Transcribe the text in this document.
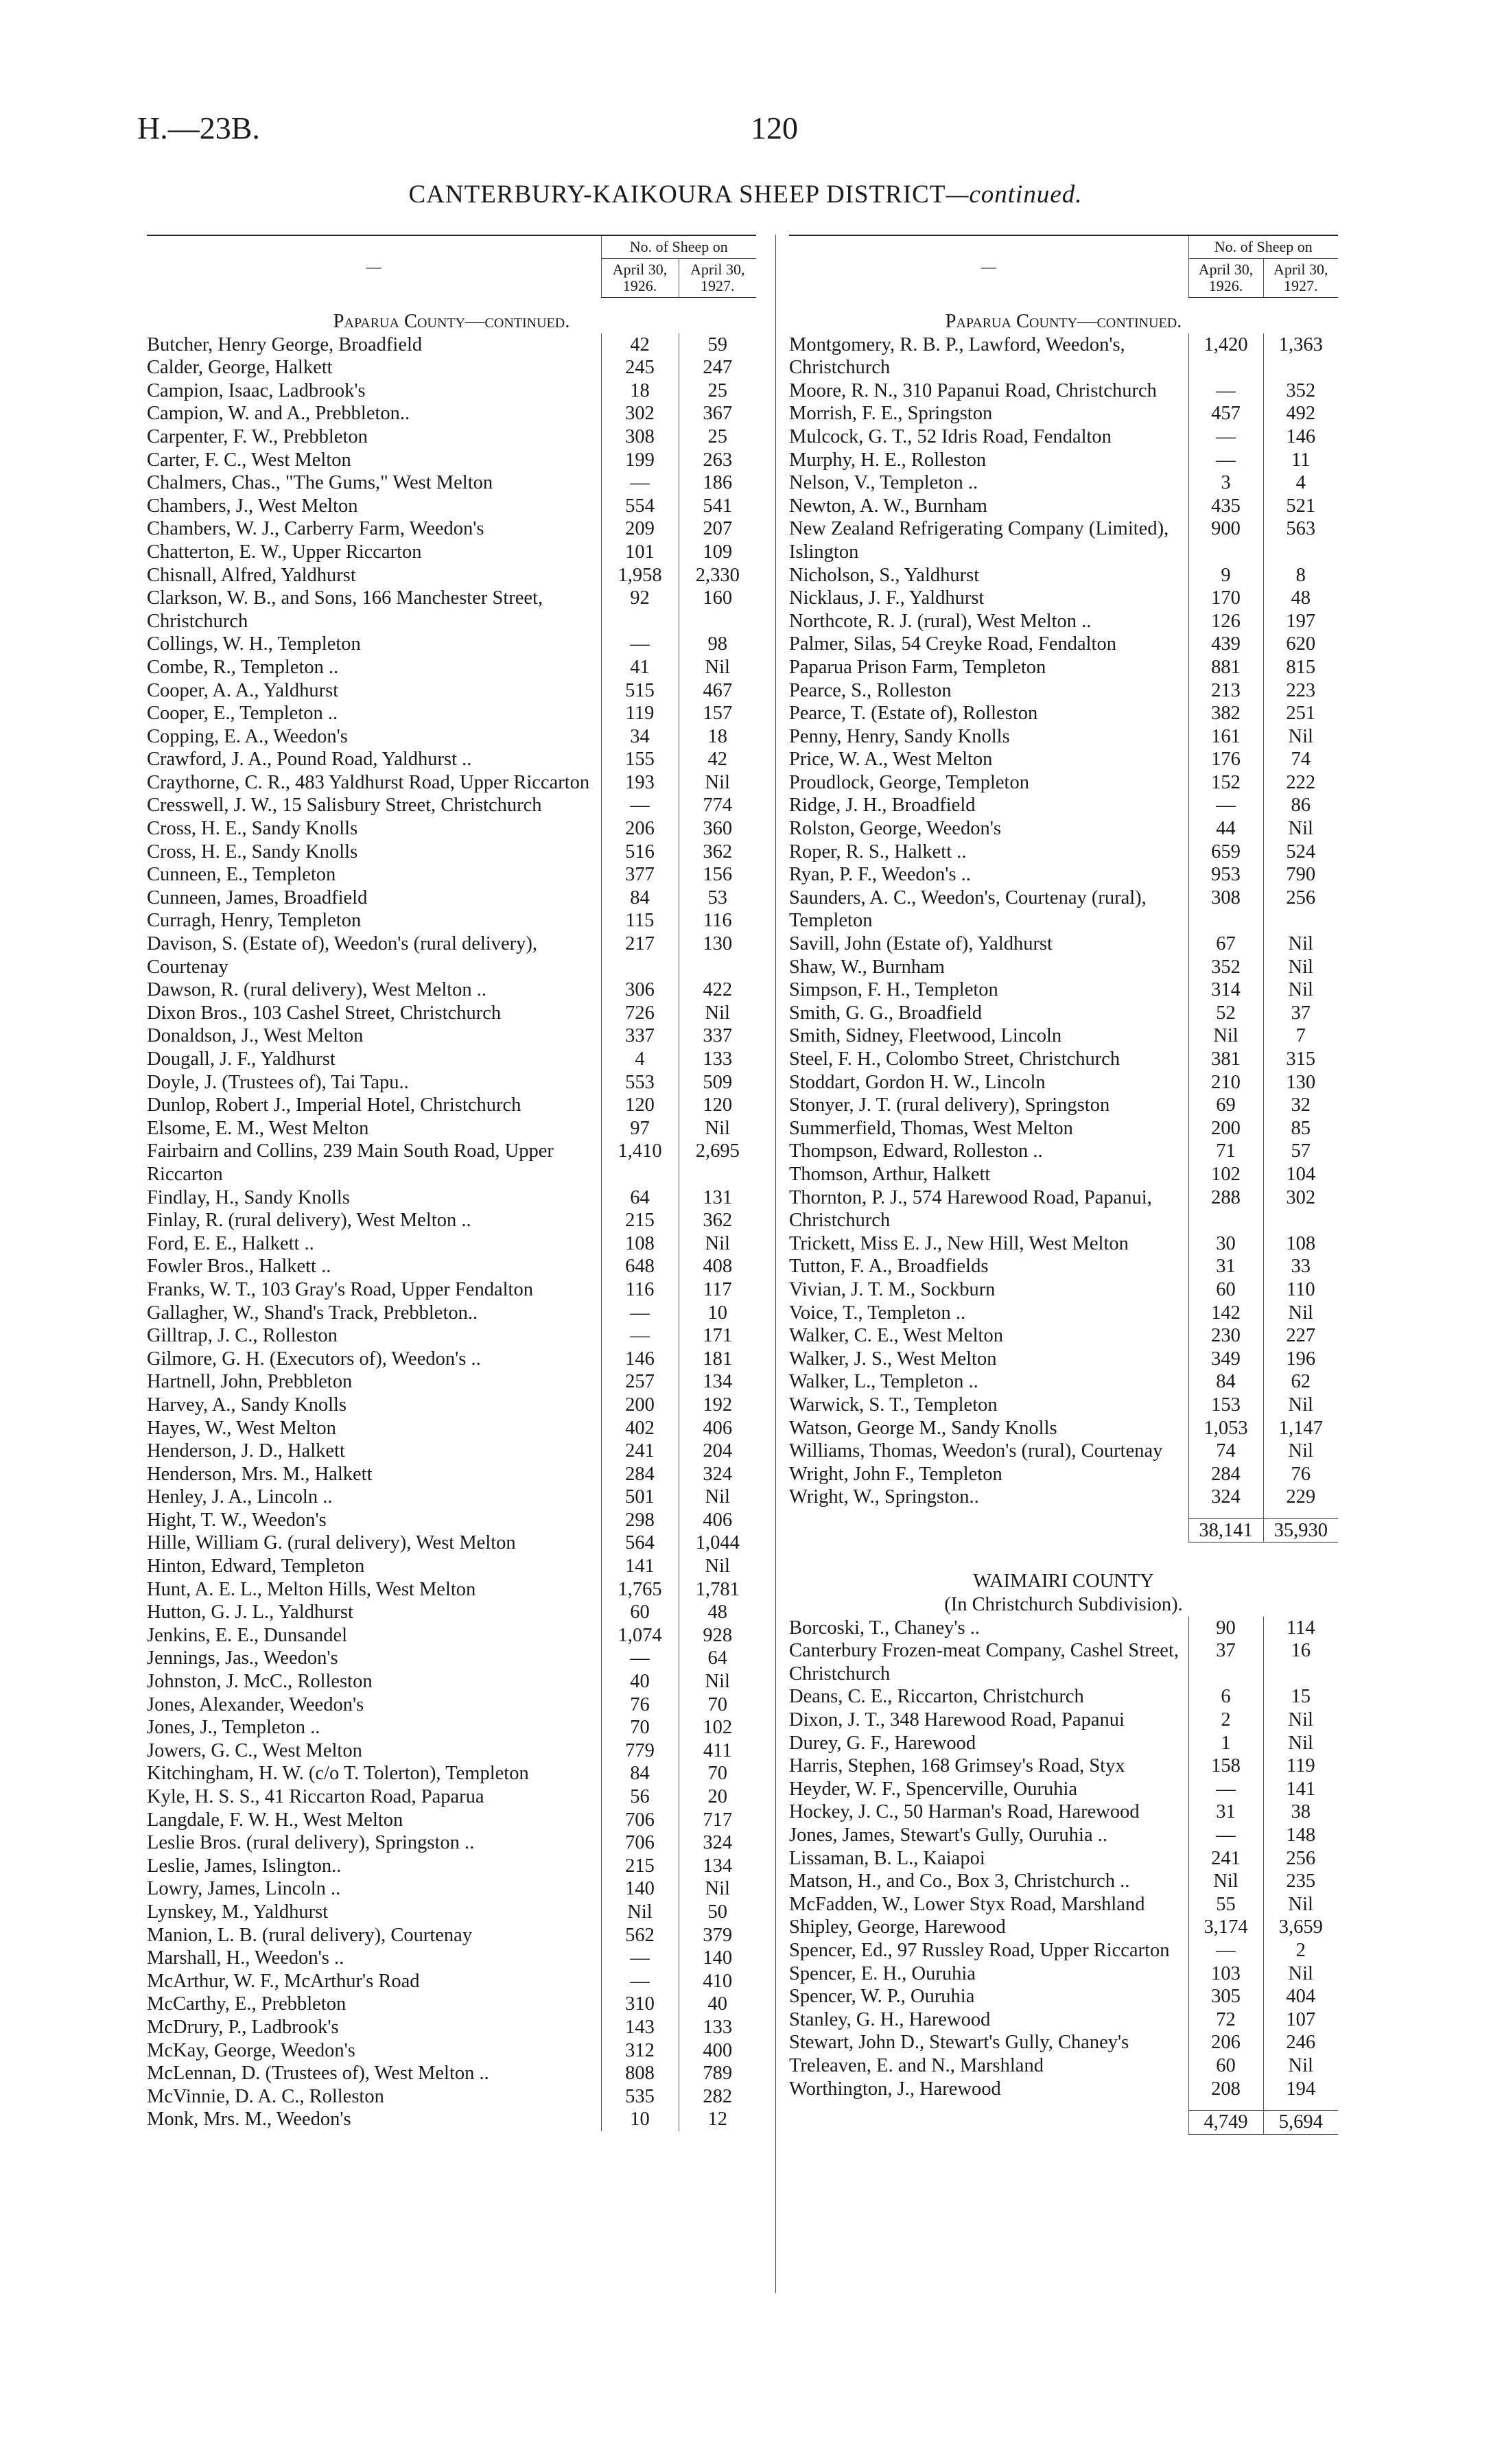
H.—23B.	120
CANTERBURY-KAIKOURA SHEEP DISTRICT—continued.
—	No. of Sheep on	
	April 30, 1926.	April 30, 1927.
Paparua County—continued.		
Butcher, Henry George, Broadfield	42	59
Calder, George, Halkett	245	247
Campion, Isaac, Ladbrook's	18	25
Campion, W. and A., Prebbleton..	302	367
Carpenter, F. W., Prebbleton	308	25
Carter, F. C., West Melton	199	263
Chalmers, Chas., "The Gums," West Melton	—	186
Chambers, J., West Melton	554	541
Chambers, W. J., Carberry Farm, Weedon's	209	207
Chatterton, E. W., Upper Riccarton	101	109
Chisnall, Alfred, Yaldhurst	1,958	2,330
Clarkson, W. B., and Sons, 166 Manchester Street, Christchurch	92	160
Collings, W. H., Templeton	—	98
Combe, R., Templeton ..	41	Nil
Cooper, A. A., Yaldhurst	515	467
Cooper, E., Templeton ..	119	157
Copping, E. A., Weedon's	34	18
Crawford, J. A., Pound Road, Yaldhurst ..	155	42
Craythorne, C. R., 483 Yaldhurst Road, Upper Riccarton	193	Nil
Cresswell, J. W., 15 Salisbury Street, Christchurch	—	774
Cross, H. E., Sandy Knolls	206	360
Cross, H. E., Sandy Knolls	516	362
Cunneen, E., Templeton	377	156
Cunneen, James, Broadfield	84	53
Curragh, Henry, Templeton	115	116
Davison, S. (Estate of), Weedon's (rural delivery), Courtenay	217	130
Dawson, R. (rural delivery), West Melton ..	306	422
Dixon Bros., 103 Cashel Street, Christchurch	726	Nil
Donaldson, J., West Melton	337	337
Dougall, J. F., Yaldhurst	4	133
Doyle, J. (Trustees of), Tai Tapu..	553	509
Dunlop, Robert J., Imperial Hotel, Christchurch	120	120
Elsome, E. M., West Melton	97	Nil
Fairbairn and Collins, 239 Main South Road, Upper Riccarton	1,410	2,695
Findlay, H., Sandy Knolls	64	131
Finlay, R. (rural delivery), West Melton ..	215	362
Ford, E. E., Halkett ..	108	Nil
Fowler Bros., Halkett ..	648	408
Franks, W. T., 103 Gray's Road, Upper Fendalton	116	117
Gallagher, W., Shand's Track, Prebbleton..	—	10
Gilltrap, J. C., Rolleston	—	171
Gilmore, G. H. (Executors of), Weedon's ..	146	181
Hartnell, John, Prebbleton	257	134
Harvey, A., Sandy Knolls	200	192
Hayes, W., West Melton	402	406
Henderson, J. D., Halkett	241	204
Henderson, Mrs. M., Halkett	284	324
Henley, J. A., Lincoln ..	501	Nil
Hight, T. W., Weedon's	298	406
Hille, William G. (rural delivery), West Melton	564	1,044
Hinton, Edward, Templeton	141	Nil
Hunt, A. E. L., Melton Hills, West Melton	1,765	1,781
Hutton, G. J. L., Yaldhurst	60	48
Jenkins, E. E., Dunsandel	1,074	928
Jennings, Jas., Weedon's	—	64
Johnston, J. McC., Rolleston	40	Nil
Jones, Alexander, Weedon's	76	70
Jones, J., Templeton ..	70	102
Jowers, G. C., West Melton	779	411
Kitchingham, H. W. (c/o T. Tolerton), Templeton	84	70
Kyle, H. S. S., 41 Riccarton Road, Paparua	56	20
Langdale, F. W. H., West Melton	706	717
Leslie Bros. (rural delivery), Springston ..	706	324
Leslie, James, Islington..	215	134
Lowry, James, Lincoln ..	140	Nil
Lynskey, M., Yaldhurst	Nil	50
Manion, L. B. (rural delivery), Courtenay	562	379
Marshall, H., Weedon's ..	—	140
McArthur, W. F., McArthur's Road	—	410
McCarthy, E., Prebbleton	310	40
McDrury, P., Ladbrook's	143	133
McKay, George, Weedon's	312	400
McLennan, D. (Trustees of), West Melton ..	808	789
McVinnie, D. A. C., Rolleston	535	282
Monk, Mrs. M., Weedon's	10	12
—	No. of Sheep on	
	April 30, 1926.	April 30, 1927.
Paparua County—continued.		
Montgomery, R. B. P., Lawford, Weedon's, Christchurch	1,420	1,363
Moore, R. N., 310 Papanui Road, Christchurch	—	352
Morrish, F. E., Springston	457	492
Mulcock, G. T., 52 Idris Road, Fendalton	—	146
Murphy, H. E., Rolleston	—	11
Nelson, V., Templeton ..	3	4
Newton, A. W., Burnham	435	521
New Zealand Refrigerating Company (Limited), Islington	900	563
Nicholson, S., Yaldhurst	9	8
Nicklaus, J. F., Yaldhurst	170	48
Northcote, R. J. (rural), West Melton ..	126	197
Palmer, Silas, 54 Creyke Road, Fendalton	439	620
Paparua Prison Farm, Templeton	881	815
Pearce, S., Rolleston	213	223
Pearce, T. (Estate of), Rolleston	382	251
Penny, Henry, Sandy Knolls	161	Nil
Price, W. A., West Melton	176	74
Proudlock, George, Templeton	152	222
Ridge, J. H., Broadfield	—	86
Rolston, George, Weedon's	44	Nil
Roper, R. S., Halkett ..	659	524
Ryan, P. F., Weedon's ..	953	790
Saunders, A. C., Weedon's, Courtenay (rural), Templeton	308	256
Savill, John (Estate of), Yaldhurst	67	Nil
Shaw, W., Burnham	352	Nil
Simpson, F. H., Templeton	314	Nil
Smith, G. G., Broadfield	52	37
Smith, Sidney, Fleetwood, Lincoln	Nil	7
Steel, F. H., Colombo Street, Christchurch	381	315
Stoddart, Gordon H. W., Lincoln	210	130
Stonyer, J. T. (rural delivery), Springston	69	32
Summerfield, Thomas, West Melton	200	85
Thompson, Edward, Rolleston ..	71	57
Thomson, Arthur, Halkett	102	104
Thornton, P. J., 574 Harewood Road, Papanui, Christchurch	288	302
Trickett, Miss E. J., New Hill, West Melton	30	108
Tutton, F. A., Broadfields	31	33
Vivian, J. T. M., Sockburn	60	110
Voice, T., Templeton ..	142	Nil
Walker, C. E., West Melton	230	227
Walker, J. S., West Melton	349	196
Walker, L., Templeton ..	84	62
Warwick, S. T., Templeton	153	Nil
Watson, George M., Sandy Knolls	1,053	1,147
Williams, Thomas, Weedon's (rural), Courtenay	74	Nil
Wright, John F., Templeton	284	76
Wright, W., Springston..	324	229

	38,141	35,930
WAIMAIRI COUNTY		
(In Christchurch Subdivision).		
Borcoski, T., Chaney's ..	90	114
Canterbury Frozen-meat Company, Cashel Street, Christchurch	37	16
Deans, C. E., Riccarton, Christchurch	6	15
Dixon, J. T., 348 Harewood Road, Papanui	2	Nil
Durey, G. F., Harewood	1	Nil
Harris, Stephen, 168 Grimsey's Road, Styx	158	119
Heyder, W. F., Spencerville, Ouruhia	—	141
Hockey, J. C., 50 Harman's Road, Harewood	31	38
Jones, James, Stewart's Gully, Ouruhia ..	—	148
Lissaman, B. L., Kaiapoi	241	256
Matson, H., and Co., Box 3, Christchurch ..	Nil	235
McFadden, W., Lower Styx Road, Marshland	55	Nil
Shipley, George, Harewood	3,174	3,659
Spencer, Ed., 97 Russley Road, Upper Riccarton	—	2
Spencer, E. H., Ouruhia	103	Nil
Spencer, W. P., Ouruhia	305	404
Stanley, G. H., Harewood	72	107
Stewart, John D., Stewart's Gully, Chaney's	206	246
Treleaven, E. and N., Marshland	60	Nil
Worthington, J., Harewood	208	194

	4,749	5,694
